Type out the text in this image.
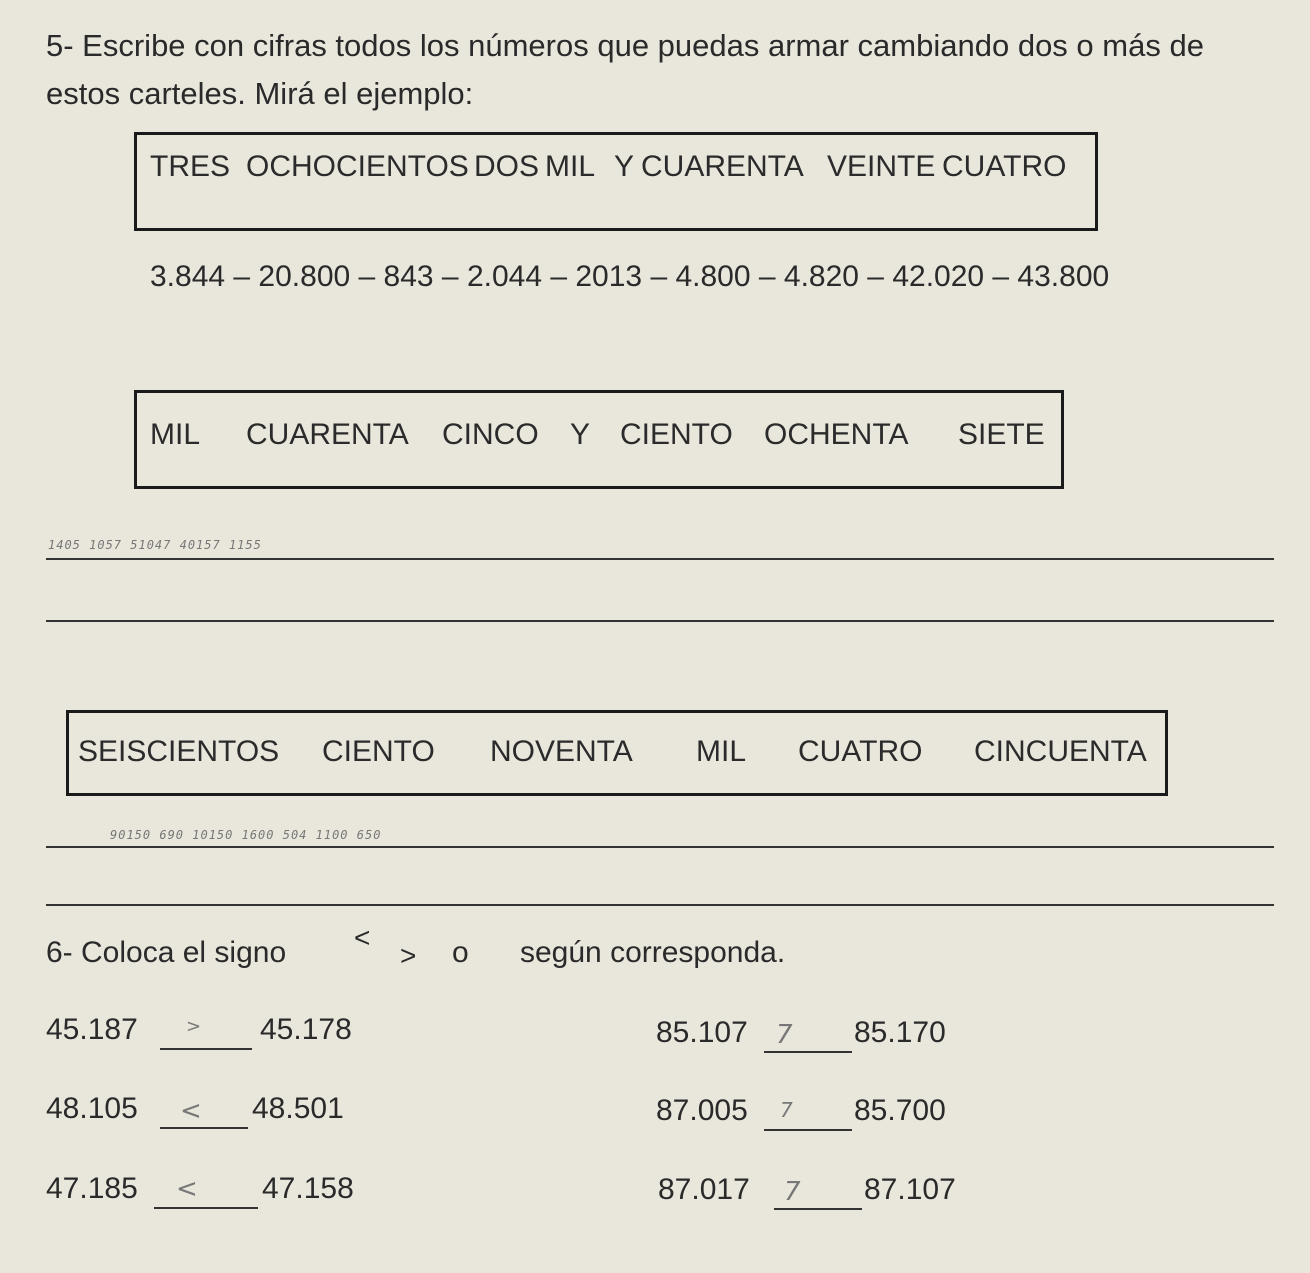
5- Escribe con cifras todos los números que puedas armar cambiando dos o más de estos carteles. Mirá el ejemplo:
TRES OCHOCIENTOS DOS MIL Y CUARENTA VEINTE CUATRO
3.844 – 20.800 – 843 – 2.044 – 2013 – 4.800 – 4.820 – 42.020 – 43.800
MIL CUARENTA CINCO Y CIENTO OCHENTA SIETE
1405 1057 51047 40157 1155
SEISCIENTOS CIENTO NOVENTA MIL CUATRO CINCUENTA
90150 690 10150 1600 504 1100 650
6- Coloca el signo <
> o según corresponda.
45.187	> 45.178
48.105 < 48.501
47.185 < 47.158
85.107 7 85.170
87.005 7 85.700
87.017 7 87.107
